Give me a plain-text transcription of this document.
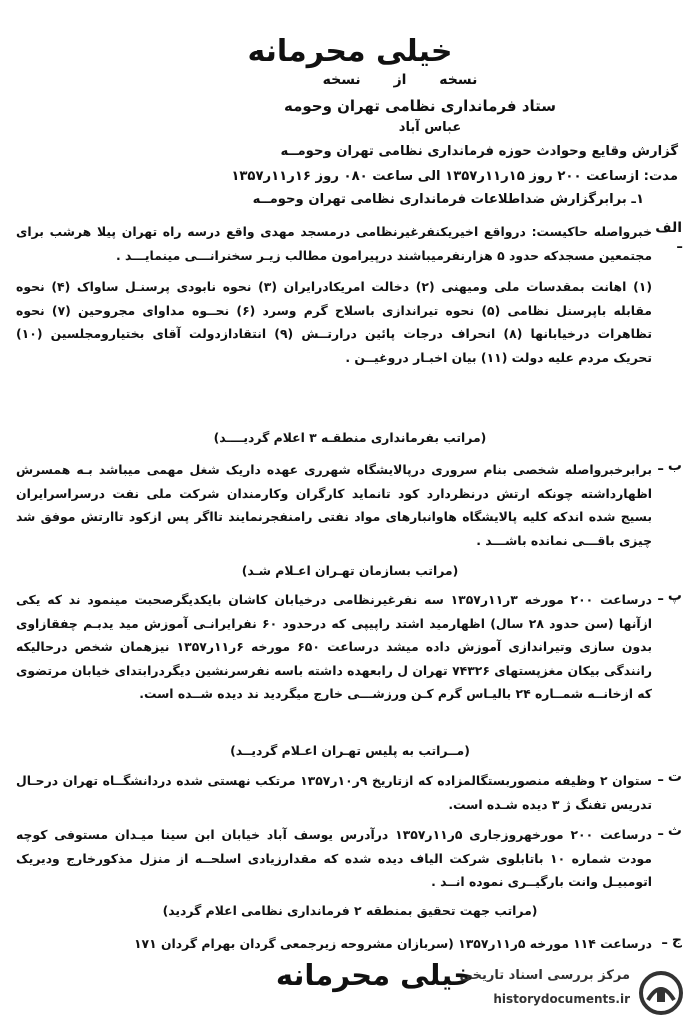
خیلی محرمانه
نسخه از نسخه
ستاد فرماندارى نظامى تهران وحومه
عباس آباد
گزارش وقايع وحوادث حوزه فرماندارى نظامى تهران وحومــه
مدت: ازساعت ۲۰۰ روز ۱۵ر۱۱ر۱۳۵۷ الى ساعت ۰۸۰ روز ۱۶ر۱۱ر۱۳۵۷
۱ـ برابرگزارش ضداطلاعات فرماندارى نظامى تهران وحومــه
الف ـ

خبرواصله حاکيست: درواقع اخيريکنفرغيرنظامى درمسجد مهدى واقع درسه راه تهران پيلا هرشب براى مجتمعين مسجدکه حدود ۵ هزارنفرمیباشند درپيرامون مطالب زيـر سخنرانـــى مينمايـــد .

(۱) اهانت بمقدسات ملى وميهنى (۲) دخالت امريکادرايران (۳) نحوه نابودى پرسنـل ساواک (۴) نحوه مقابله باپرسنل نظامى (۵) نحوه تيراندازى باسلاح گرم وسرد (۶) نحــوه مداواى مجروحين (۷) نحوه تظاهرات درخيابانها (۸) انحراف درجات پائين درارتــش (۹) انتقادازدولت آقاى بختيارومجلسين (۱۰) تحريک مردم عليه دولت (۱۱) بيان اخبـار دروغيــن .

(مراتب بفرماندارى منطقـه ۳ اعلام گرديــــد)
ب ـ

برابرخبرواصله شخصى بنام سرورى درپالايشگاه شهررى عهده داريک شغل مهمى ميباشد بـه همسرش اظهارداشته چونکه ارتش درنظردارد کود تانمايد کارگران وکارمندان شرکت ملى نفت درسراسرايران بسيج شده اندکه کليه پالايشگاه هاوانبارهاى مواد نفتى رامنفجرنمايند تااگر پس ازکود تاارتش موفق شد چيزى باقـــى نمانده باشـــد .

(مراتب بسازمان تهـران اعـلام شـد)
پ ـ

درساعت ۲۰۰ مورخه ۳ر۱۱ر۱۳۵۷ سه نفرغيرنظامى درخيابان کاشان بايکديگرصحبت مينمود ند که يکى ازآنها (سن حدود ۲۸ سال) اظهارميد اشتد راپيپى که درحدود ۶۰ نفرايرانـى آموزش ميد يدبـم چفقازاوى بدون سازى وتيراندازى آموزش داده ميشد درساعت ۶۵۰ مورخه ۶ر۱۱ر۱۳۵۷ نيزهمان شخص درحاليکه رانندگى بيکان مغزپستهای ۷۴۳۲۶ تهران ل رابعهده داشته باسه نفرسرنشين ديگردرابتداى خيابان مرتضوى که ازخانــه شمــاره ۲۴ باليـاس گرم کـن ورزشـــى خارج ميگرديد ند ديده شــده است.

(مــراتب به پليس تهـران اعـلام گرديــد)
ت ـ

ستوان ۲ وظيفه منصوربستگالمزاده که ازتاريخ ۹ر۱۰ر۱۳۵۷ مرتکب نهستى شده دردانشگــاه تهران درحـال تدريس تفنگ ژ ۳ ديده شـده است.

ث ـ

درساعت ۲۰۰ مورخهروزجارى ۵ر۱۱ر۱۳۵۷ درآدرس يوسف آباد خيابان ابن سينا ميـدان مستوفى کوچه مودت شماره ۱۰ باتابلوى شرکت الياف ديده شده که مقدارزيادى اسلحــه از منزل مذکورخارج وديريک اتومبيـل وانت بارگيــرى نموده انــد .

(مراتب جهت تحقيق بمنطقه ۲ فرماندارى نظامى اعلام گرديد)
ج ـ

درساعت ۱۱۴ مورخه ۵ر۱۱ر۱۳۵۷ (سربازان مشروحه زيرجمعى گردان بهرام گردان ۱۷۱

خیلی محرمانه
مرکز بررسى اسناد تاريخى
historydocuments.ir
